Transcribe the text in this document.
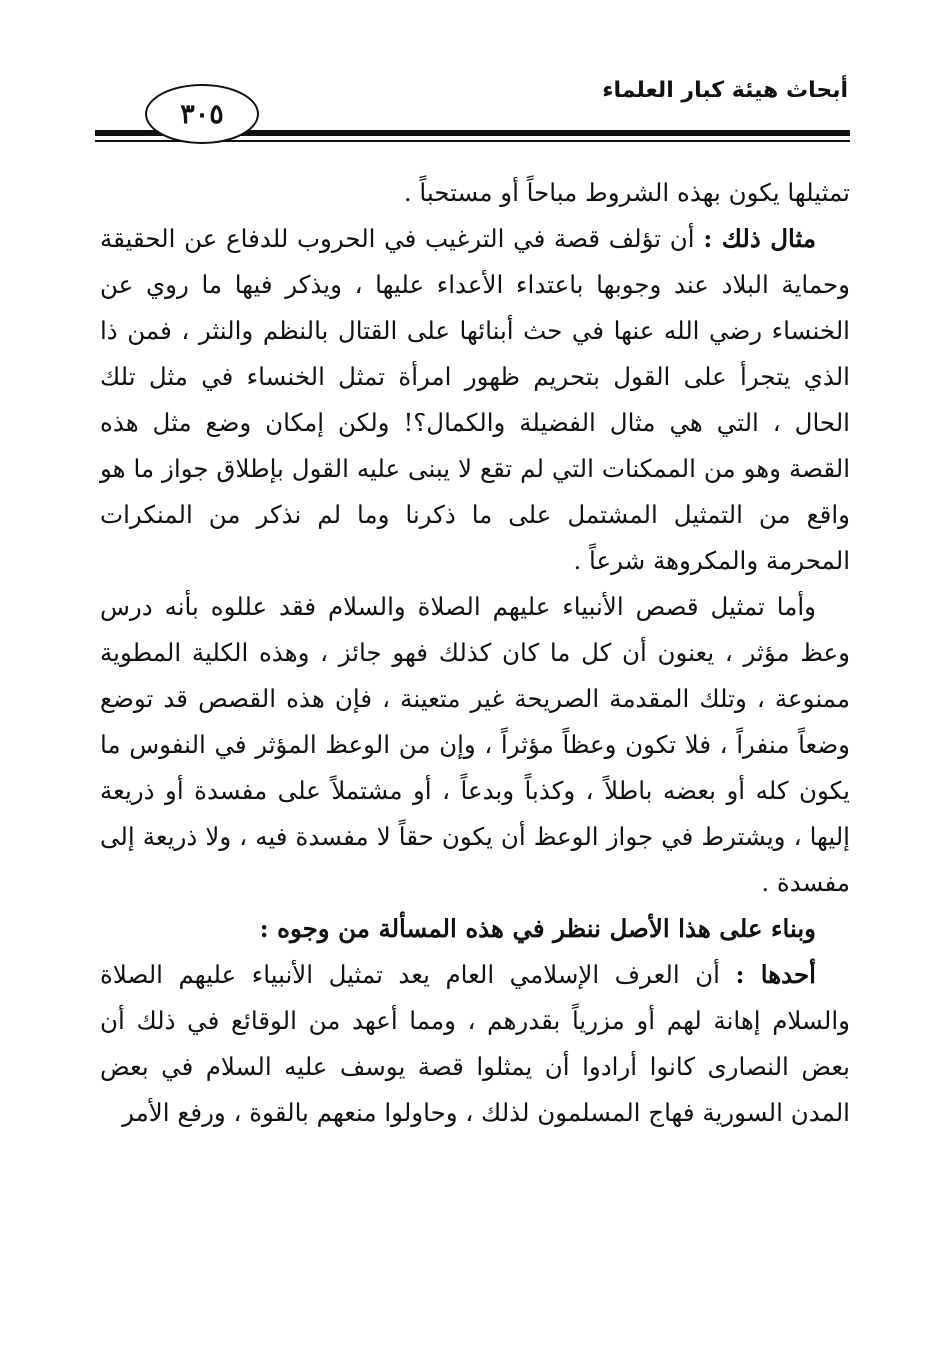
أبحاث هيئة كبار العلماء
٣٠٥

تمثيلها يكون بهذه الشروط مباحاً أو مستحباً .

مثال ذلك : أن تؤلف قصة في الترغيب في الحروب للدفاع عن الحقيقة وحماية البلاد عند وجوبها باعتداء الأعداء عليها ، ويذكر فيها ما روي عن الخنساء رضي الله عنها في حث أبنائها على القتال بالنظم والنثر ، فمن ذا الذي يتجرأ على القول بتحريم ظهور امرأة تمثل الخنساء في مثل تلك الحال ، التي هي مثال الفضيلة والكمال؟! ولكن إمكان وضع مثل هذه القصة وهو من الممكنات التي لم تقع لا يبنى عليه القول بإطلاق جواز ما هو واقع من التمثيل المشتمل على ما ذكرنا وما لم نذكر من المنكرات المحرمة والمكروهة شرعاً .

وأما تمثيل قصص الأنبياء عليهم الصلاة والسلام فقد عللوه بأنه درس وعظ مؤثر ، يعنون أن كل ما كان كذلك فهو جائز ، وهذه الكلية المطوية ممنوعة ، وتلك المقدمة الصريحة غير متعينة ، فإن هذه القصص قد توضع وضعاً منفراً ، فلا تكون وعظاً مؤثراً ، وإن من الوعظ المؤثر في النفوس ما يكون كله أو بعضه باطلاً ، وكذباً وبدعاً ، أو مشتملاً على مفسدة أو ذريعة إليها ، ويشترط في جواز الوعظ أن يكون حقاً لا مفسدة فيه ، ولا ذريعة إلى مفسدة .

وبناء على هذا الأصل ننظر في هذه المسألة من وجوه :

أحدها : أن العرف الإسلامي العام يعد تمثيل الأنبياء عليهم الصلاة والسلام إهانة لهم أو مزرياً بقدرهم ، ومما أعهد من الوقائع في ذلك أن بعض النصارى كانوا أرادوا أن يمثلوا قصة يوسف عليه السلام في بعض المدن السورية فهاج المسلمون لذلك ، وحاولوا منعهم بالقوة ، ورفع الأمر
